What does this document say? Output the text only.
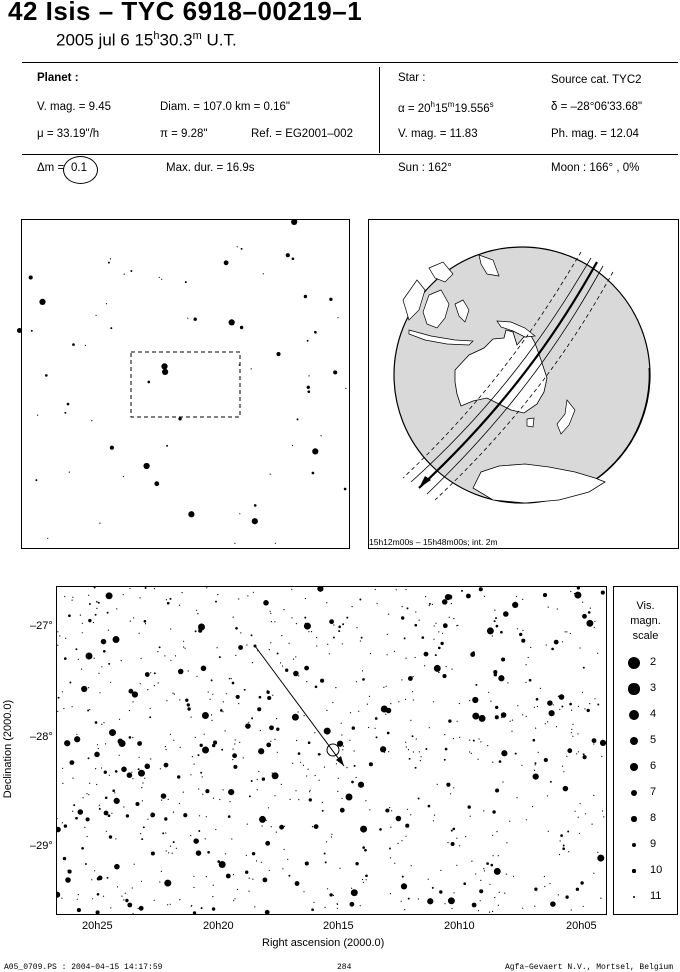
42 Isis – TYC 6918–00219–1
2005 jul 6 15$^h$30.3$^m$ U.T.
Planet :
V. mag. = 9.45	Diam. = 107.0 km = 0.16"
μ = 33.19"/h	π = 9.28"	Ref. = EG2001–002
Star :	Source cat. TYC2
$\alpha = 20^h15^m19.556^s$	δ = –28°06'33.68"
V. mag. = 11.83	Ph. mag. = 12.04
Δm = 0.1	Max. dur. = 16.9s	Sun : 162°	Moon : 166° , 0%
15h12m00s – 15h48m00s; int. 2m
–27°
–28°
–29°
20h25	20h20	20h15	20h10	20h05
Right ascension (2000.0)
Declination (2000.0)
Vis.
magn.
scale
2
3
4
5
6
7
8
9
10
11
A05_0709.PS : 2004–04–15 14:17:59	284	Agfa–Gevaert N.V., Mortsel, Belgium
